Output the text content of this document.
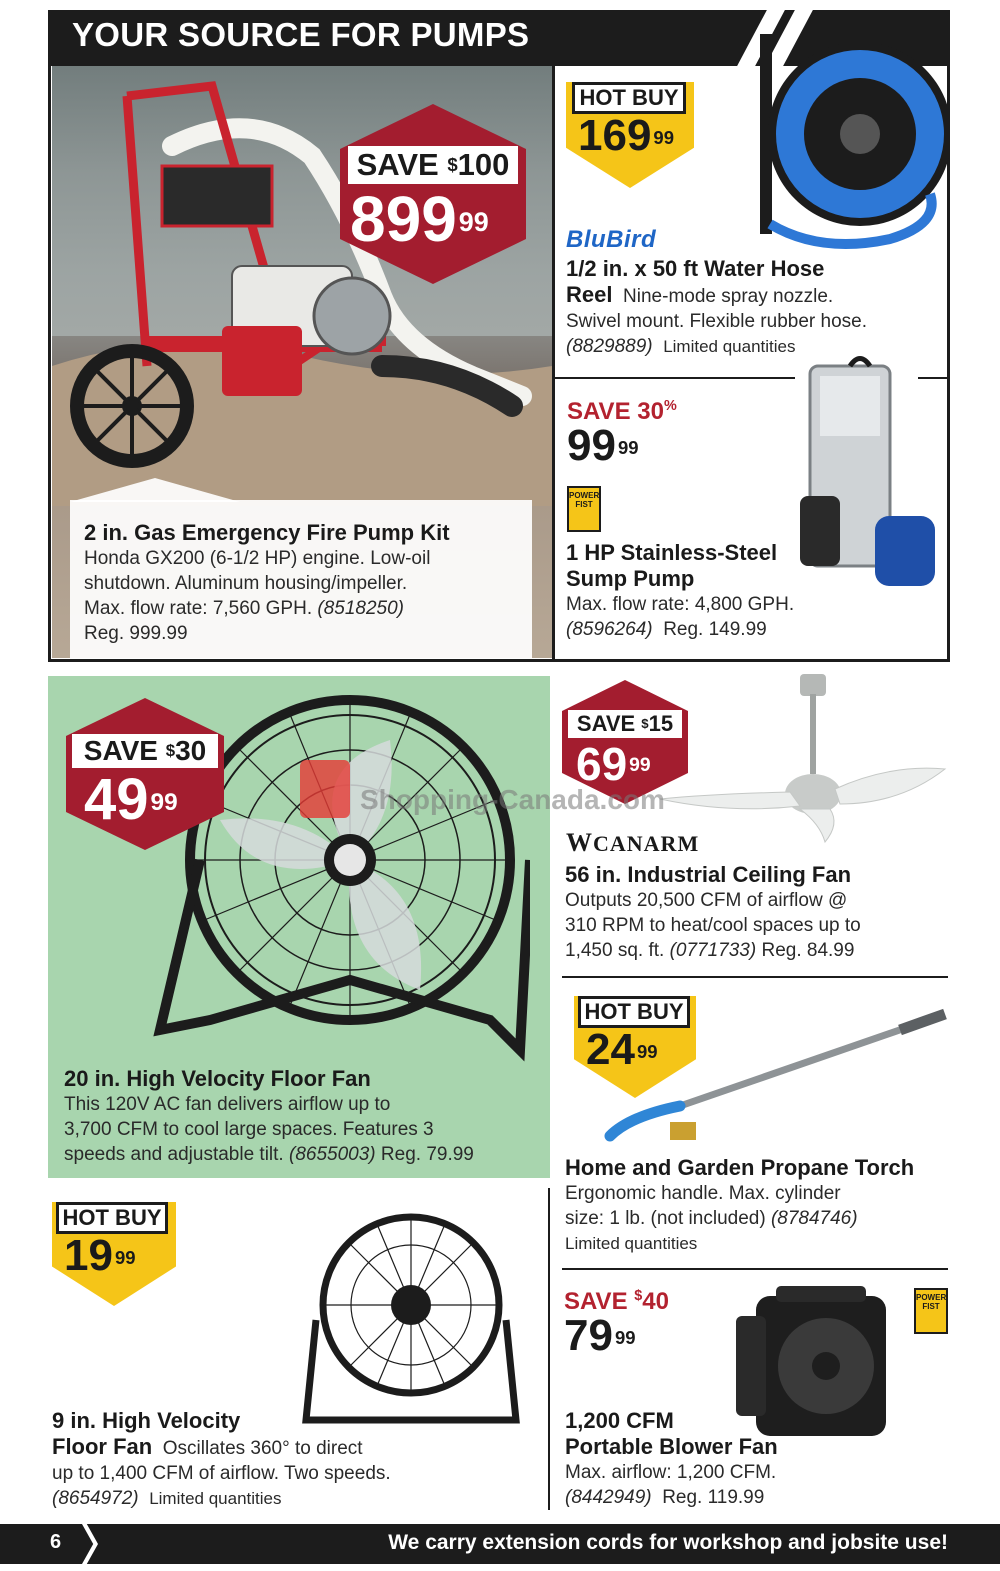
YOUR SOURCE FOR PUMPS
SAVE $100
$899^{99}$
2 in. Gas Emergency Fire Pump Kit
Honda GX200 (6-1/2 HP) engine. Low-oil
shutdown. Aluminum housing/impeller.
Max. flow rate: 7,560 GPH. (8518250)
Reg. 999.99
HOT BUY
169 $^{99}$
BluBird
1/2 in. x 50 ft Water Hose
Reel Nine-mode spray nozzle.
Swivel mount. Flexible rubber hose.
(8829889) Limited quantities
SAVE 30%
99 $^{99}$
POWER
FIST
1 HP Stainless-Steel
Sump Pump
Max. flow rate: 4,800 GPH.
(8596264) Reg. 149.99
SAVE $30
$49^{99}$
20 in. High Velocity Floor Fan
This 120V AC fan delivers airflow up to
3,700 CFM to cool large spaces. Features 3
speeds and adjustable tilt. (8655003) Reg. 79.99
SAVE $15
69 $^{99}$
WCANARM
56 in. Industrial Ceiling Fan
Outputs 20,500 CFM of airflow @
310 RPM to heat/cool spaces up to
1,450 sq. ft. (0771733) Reg. 84.99
Shopping-Canada.com
HOT BUY
24 $^{99}$
Home and Garden Propane Torch
Ergonomic handle. Max. cylinder
size: 1 lb. (not included) (8784746)
Limited quantities
HOT BUY
19 $^{99}$
9 in. High Velocity
Floor Fan Oscillates 360° to direct
up to 1,400 CFM of airflow. Two speeds.
(8654972) Limited quantities
SAVE $40
79 $^{99}$
POWER
FIST
1,200 CFM
Portable Blower Fan
Max. airflow: 1,200 CFM.
(8442949) Reg. 119.99
6	We carry extension cords for workshop and jobsite use!
